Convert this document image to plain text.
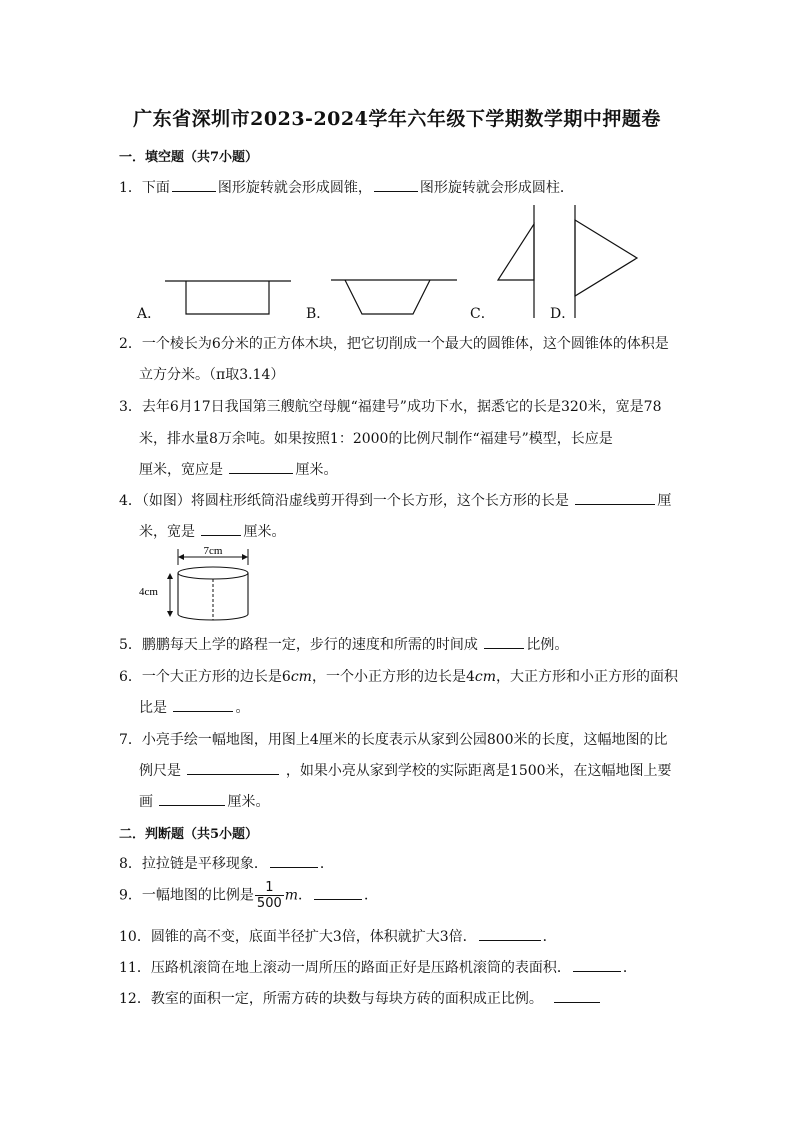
广东省深圳市2023-2024学年六年级下学期数学期中押题卷
一．填空题（共7小题）
1．下面	图形旋转就会形成圆锥，	图形旋转就会形成圆柱．
A．	B．	C．	D．
2．一个棱长为6分米的正方体木块，把它切削成一个最大的圆锥体，这个圆锥体的体积是
立方分米。（π取3.14）
3．去年6月17日我国第三艘航空母舰“福建号”成功下水，据悉它的长是320米，宽是78
米，排水量8万余吨。如果按照1：2000的比例尺制作“福建号”模型，长应是
厘米，宽应是	厘米。
4．（如图）将圆柱形纸筒沿虚线剪开得到一个长方形，这个长方形的长是	厘
米，宽是	厘米。
7cm
4cm
5．鹏鹏每天上学的路程一定，步行的速度和所需的时间成	比例。
6．一个大正方形的边长是6cm，一个小正方形的边长是4cm，大正方形和小正方形的面积
比是	。
7．小亮手绘一幅地图，用图上4厘米的长度表示从家到公园800米的长度，这幅地图的比
例尺是	，如果小亮从家到学校的实际距离是1500米，在这幅地图上要
画	厘米。
二．判断题（共5小题）
8．拉拉链是平移现象．	．
9．一幅地图的比例是 $\frac{1}{500}$ m．	．
10．圆锥的高不变，底面半径扩大3倍，体积就扩大3倍．	．
11．压路机滚筒在地上滚动一周所压的路面正好是压路机滚筒的表面积．	．
12．教室的面积一定，所需方砖的块数与每块方砖的面积成正比例。
